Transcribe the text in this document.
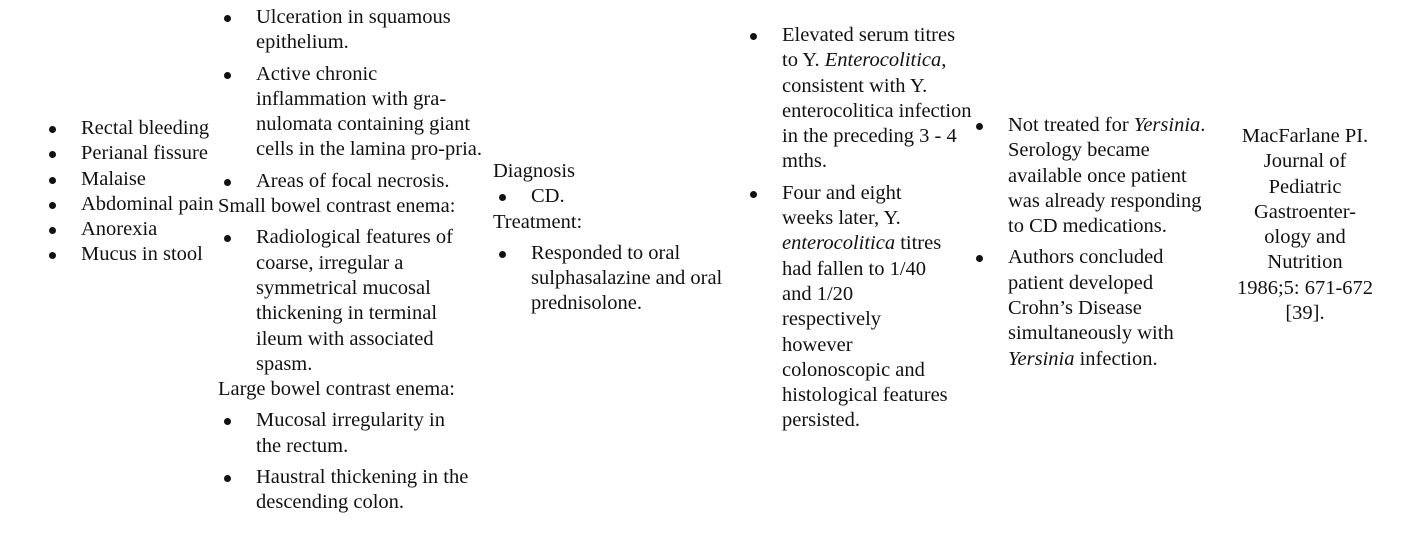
Rectal bleeding
Perianal fissure
Malaise
Abdominal pain
Anorexia
Mucus in stool
Ulceration in squamous epithelium.
Active chronic inflammation with gra-nulomata containing giant cells in the lamina pro-pria.
Areas of focal necrosis.

Small bowel contrast enema:

Radiological features of coarse, irregular a symmetrical mucosal thickening in terminal ileum with associated spasm.

Large bowel contrast enema:

Mucosal irregularity in the rectum.
Haustral thickening in the descending colon.

Diagnosis

CD.

Treatment:

Responded to oral sulphasalazine and oral prednisolone.
Elevated serum titres to Y. Enterocolitica, consistent with Y. enterocolitica infection in the preceding 3 - 4 mths.
Four and eight weeks later, Y. enterocolitica titres had fallen to 1/40 and 1/20 respectively however colonoscopic and histological features persisted.
Not treated for Yersinia. Serology became available once patient was already responding to CD medications.
Authors concluded patient developed Crohn’s Disease simultaneously with Yersinia infection.

MacFarlane PI. Journal of Pediatric Gastroenter-ology and Nutrition 1986;5: 671-672 [39].
